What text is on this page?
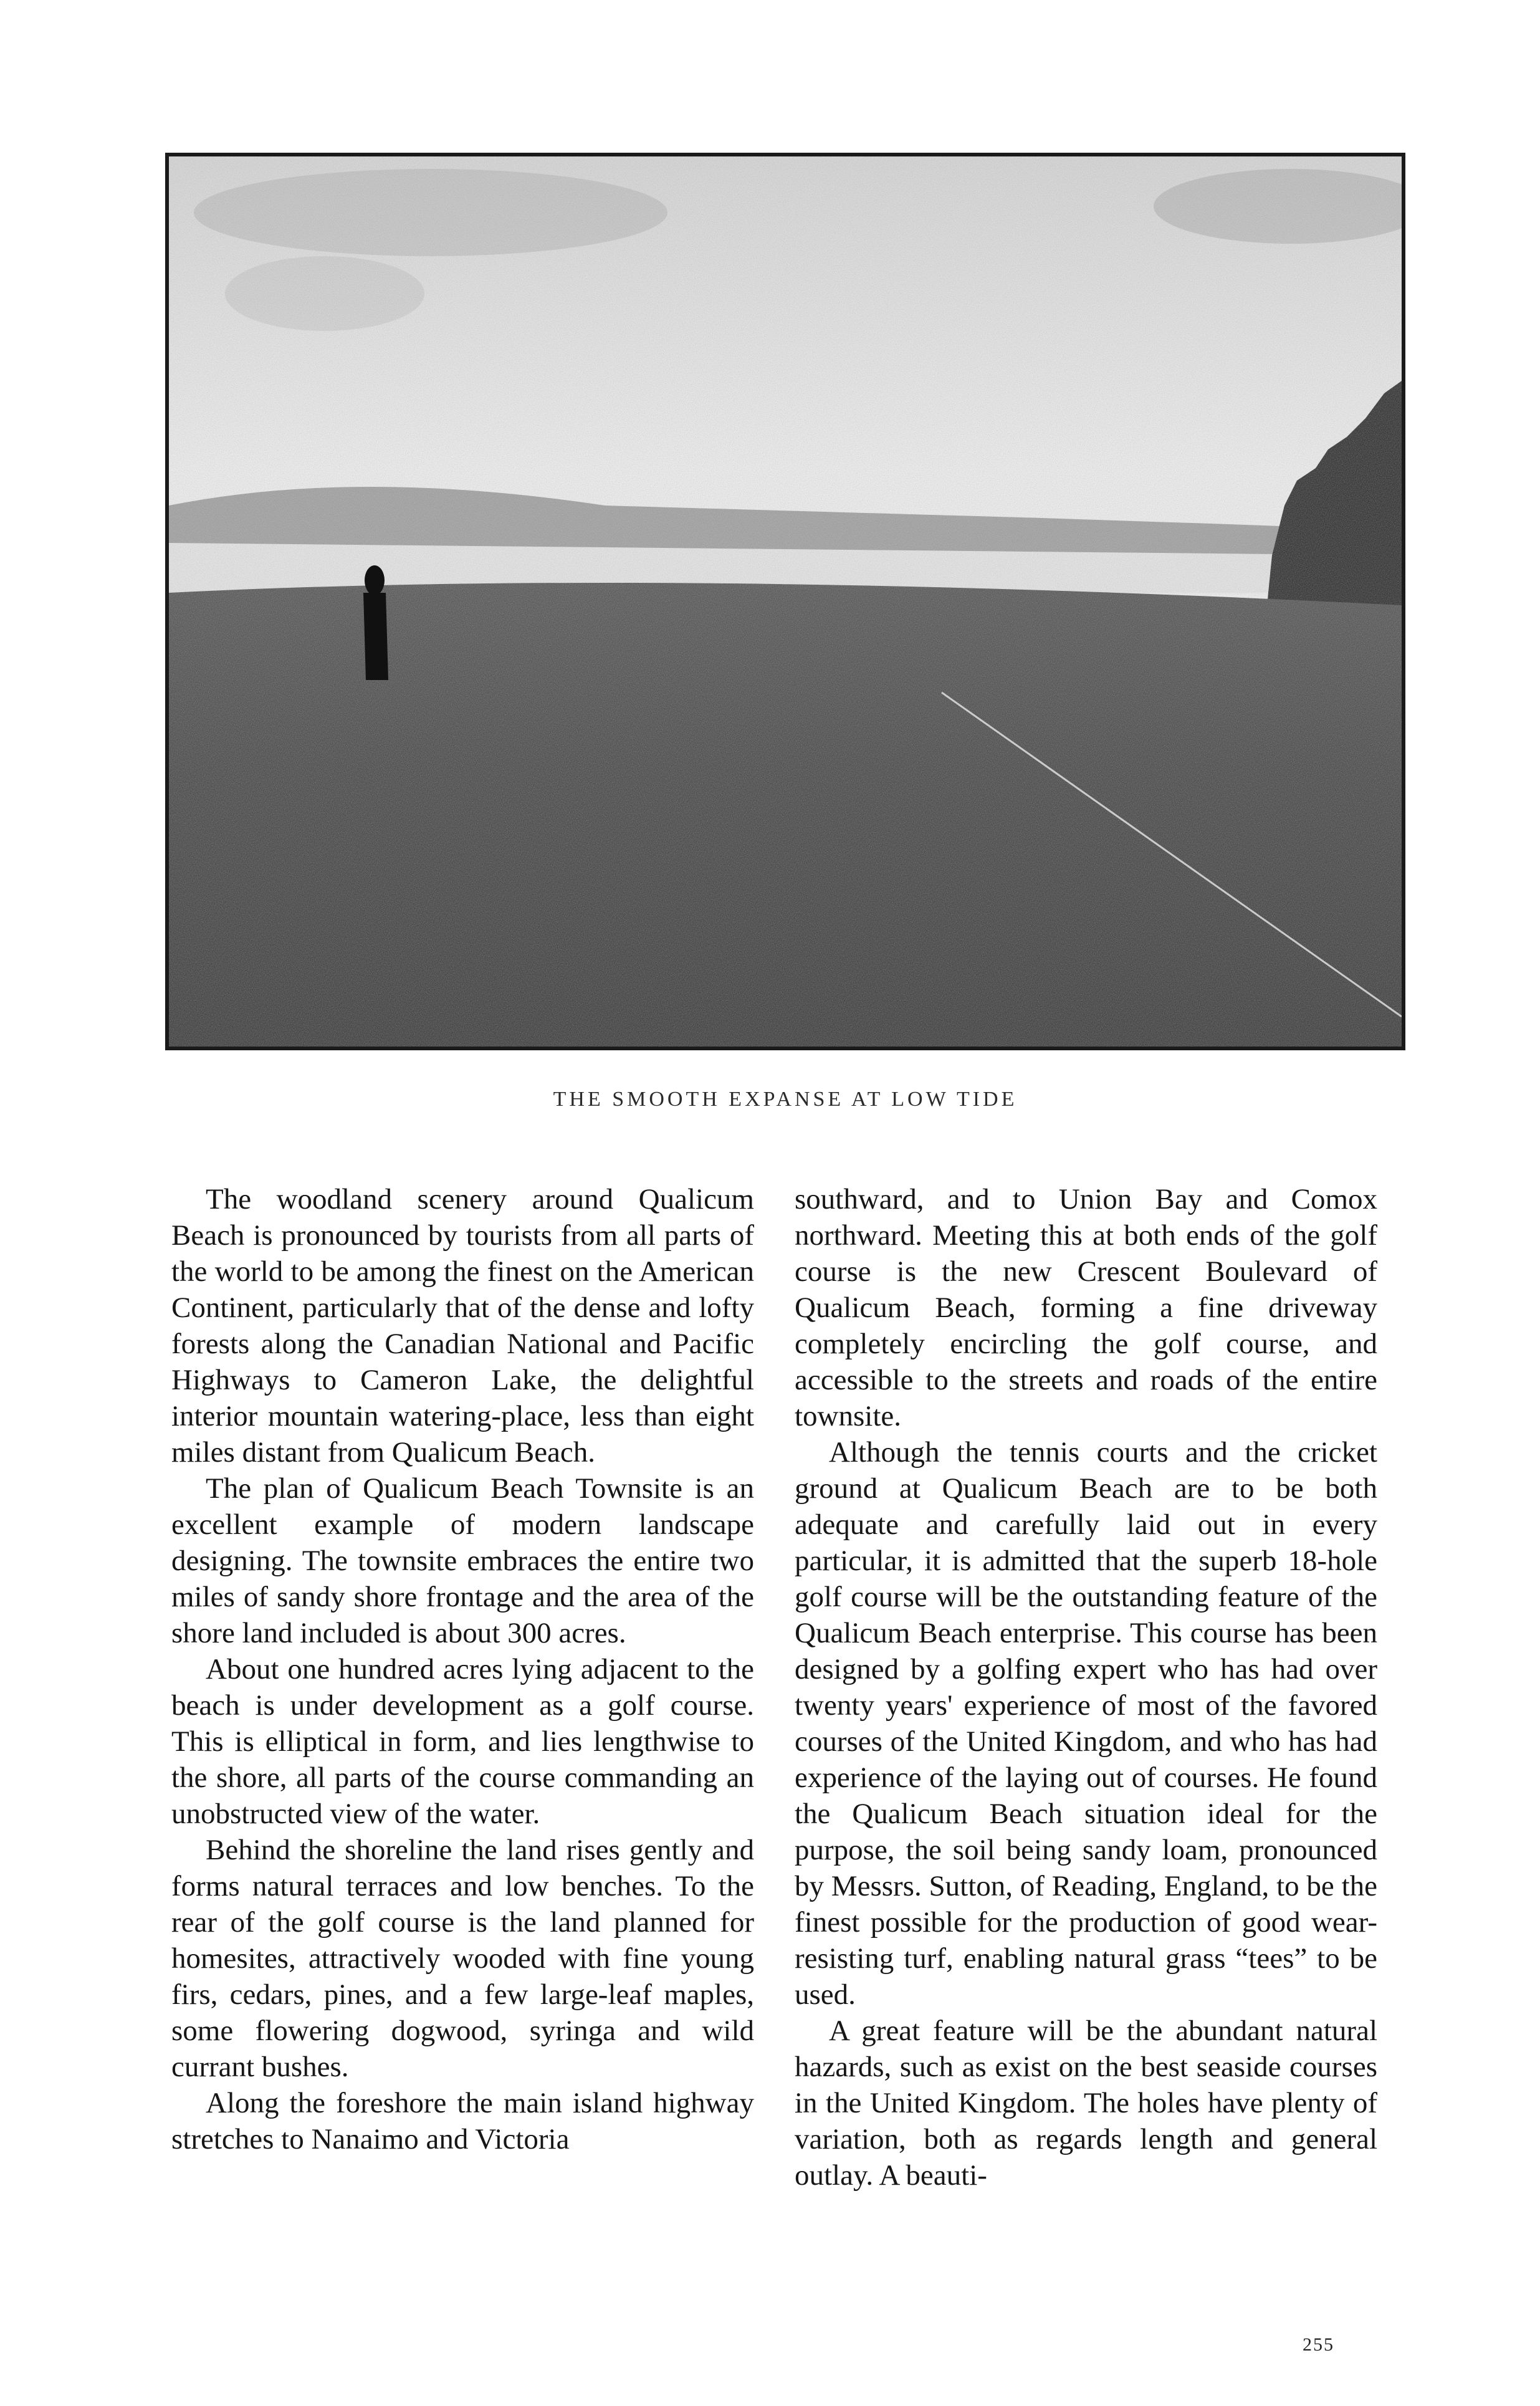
THE SMOOTH EXPANSE AT LOW TIDE

The woodland scenery around Qualicum Beach is pronounced by tourists from all parts of the world to be among the finest on the American Continent, particularly that of the dense and lofty forests along the Canadian National and Pacific Highways to Cameron Lake, the delightful interior mountain watering-place, less than eight miles distant from Qualicum Beach.

The plan of Qualicum Beach Townsite is an excellent example of modern landscape designing. The townsite embraces the entire two miles of sandy shore frontage and the area of the shore land included is about 300 acres.

About one hundred acres lying adjacent to the beach is under development as a golf course. This is elliptical in form, and lies lengthwise to the shore, all parts of the course commanding an unobstructed view of the water.

Behind the shoreline the land rises gently and forms natural terraces and low benches. To the rear of the golf course is the land planned for homesites, attractively wooded with fine young firs, cedars, pines, and a few large-leaf maples, some flowering dogwood, syringa and wild currant bushes.

Along the foreshore the main island highway stretches to Nanaimo and Victoria

southward, and to Union Bay and Comox northward. Meeting this at both ends of the golf course is the new Crescent Boulevard of Qualicum Beach, forming a fine driveway completely encircling the golf course, and accessible to the streets and roads of the entire townsite.

Although the tennis courts and the cricket ground at Qualicum Beach are to be both adequate and carefully laid out in every particular, it is admitted that the superb 18-hole golf course will be the outstanding feature of the Qualicum Beach enterprise. This course has been designed by a golfing expert who has had over twenty years' experience of most of the favored courses of the United Kingdom, and who has had experience of the laying out of courses. He found the Qualicum Beach situation ideal for the purpose, the soil being sandy loam, pronounced by Messrs. Sutton, of Reading, England, to be the finest possible for the production of good wear-resisting turf, enabling natural grass “tees” to be used.

A great feature will be the abundant natural hazards, such as exist on the best seaside courses in the United Kingdom. The holes have plenty of variation, both as regards length and general outlay. A beauti-

255
